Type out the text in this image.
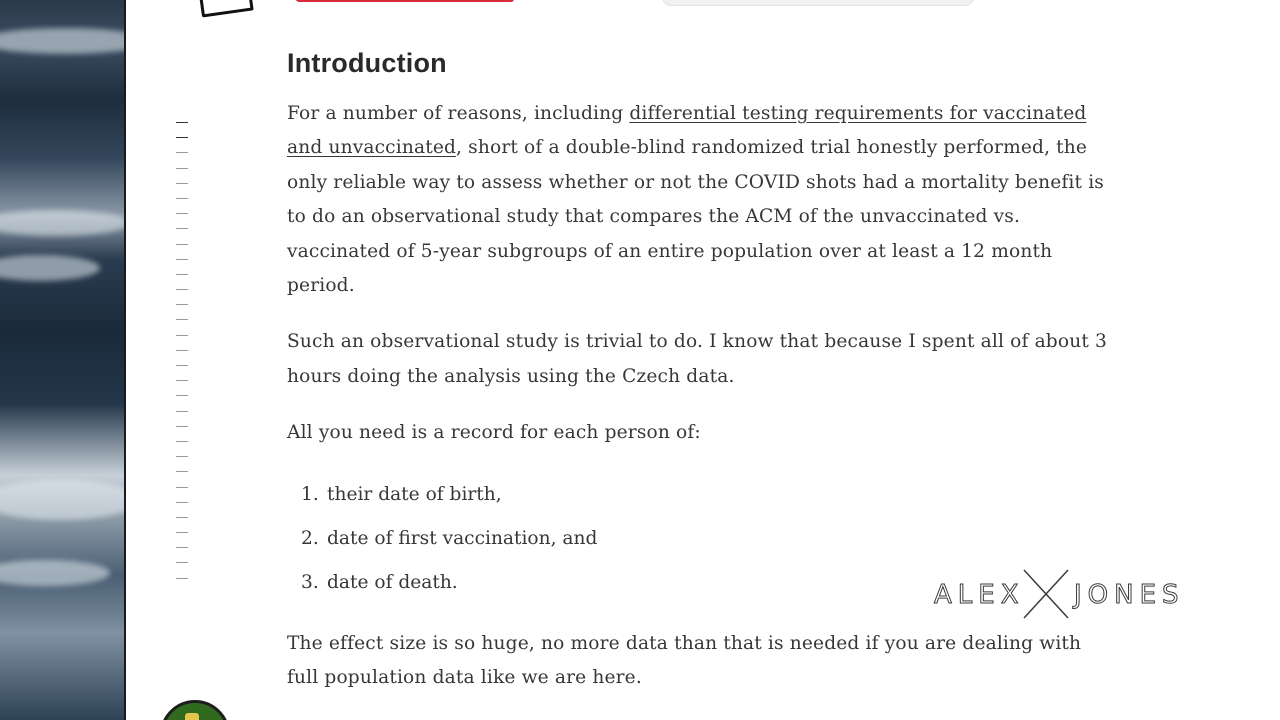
Introduction

For a number of reasons, including differential testing requirements for vaccinated and unvaccinated, short of a double-blind randomized trial honestly performed, the only reliable way to assess whether or not the COVID shots had a mortality benefit is to do an observational study that compares the ACM of the unvaccinated vs. vaccinated of 5-year subgroups of an entire population over at least a 12 month period.

Such an observational study is trivial to do. I know that because I spent all of about 3 hours doing the analysis using the Czech data.

All you need is a record for each person of:

1. their date of birth,
2. date of first vaccination, and
3. date of death.

The effect size is so huge, no more data than that is needed if you are dealing with full population data like we are here.

ALEX JONES
